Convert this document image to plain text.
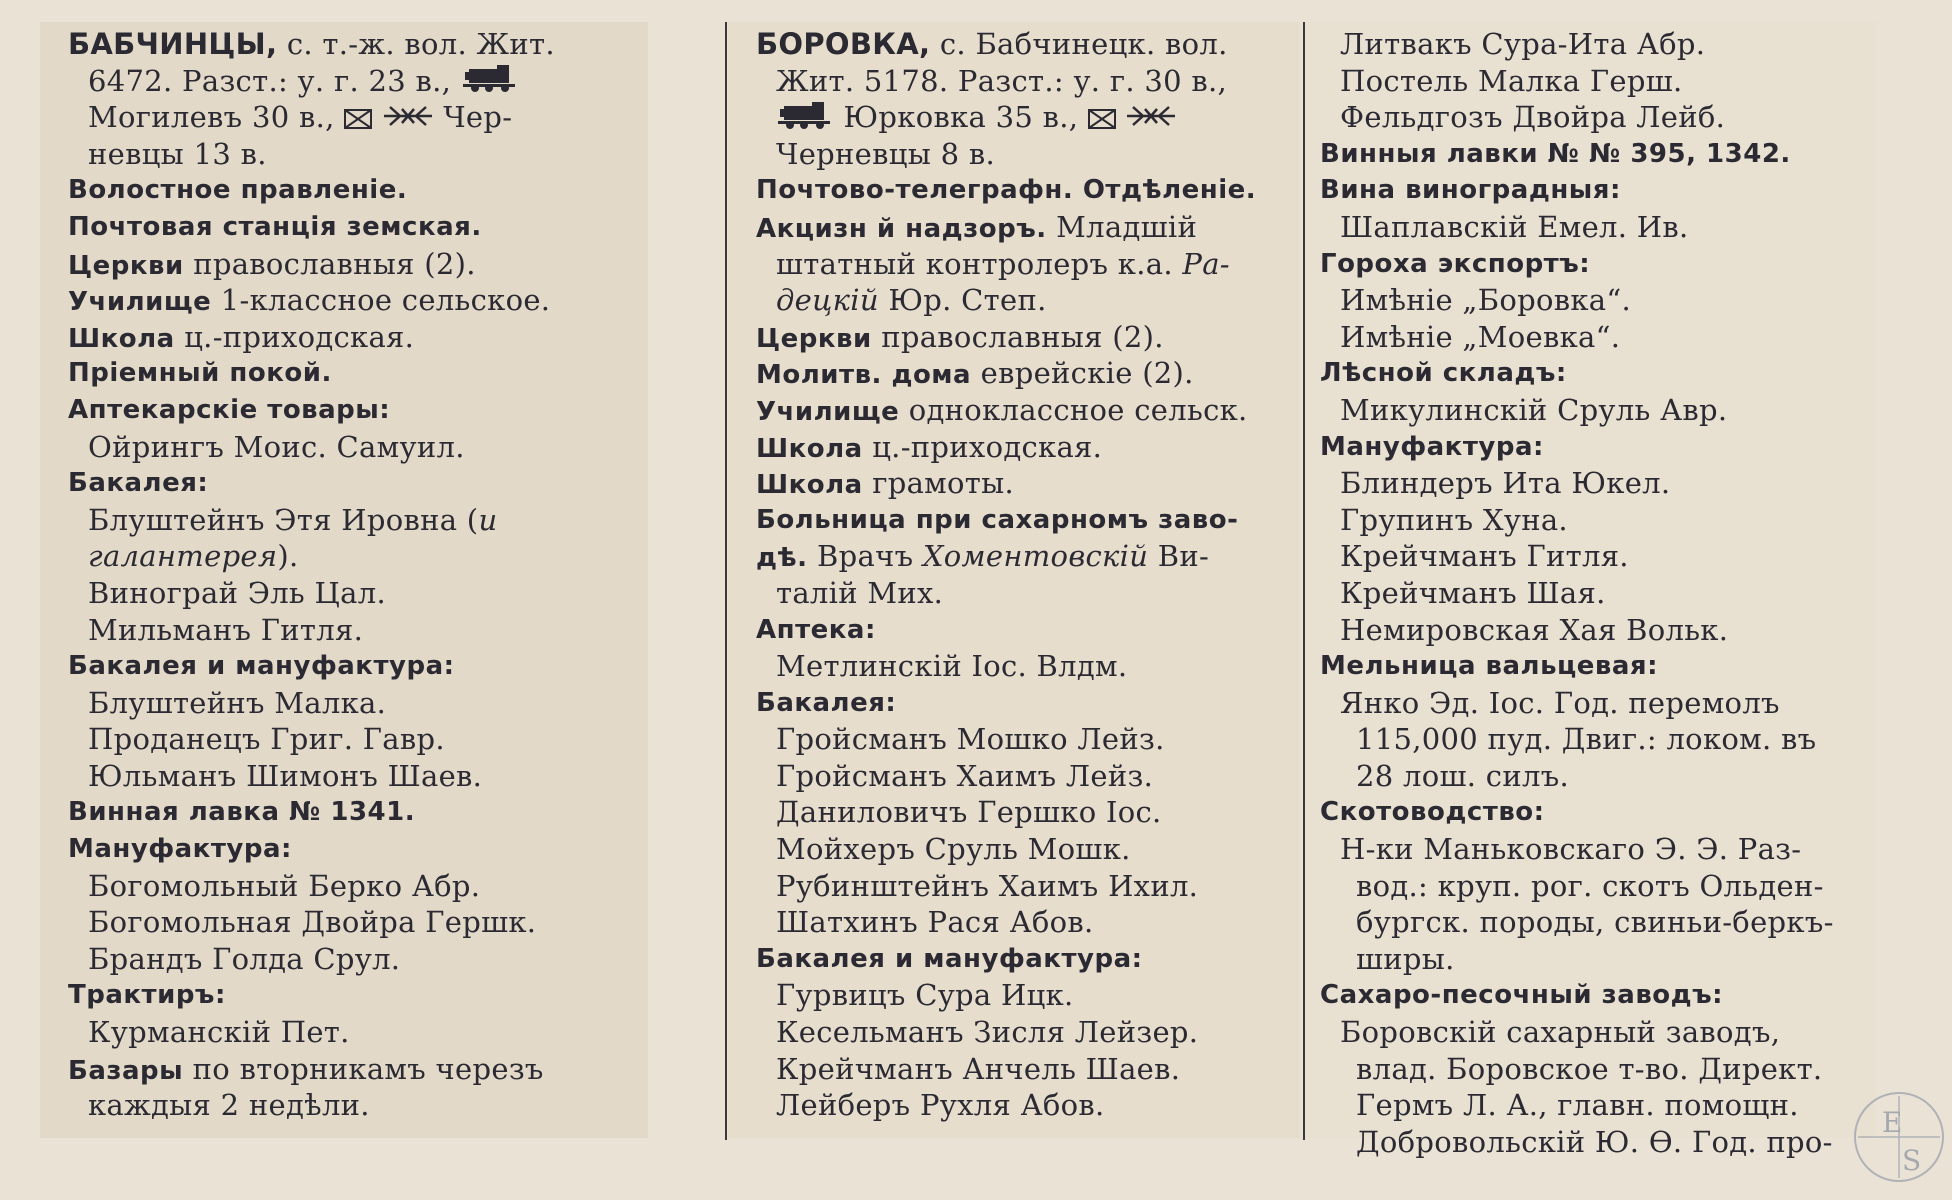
БАБЧИНЦЫ, с. т.-ж. вол. Жит.
6472. Разст.: у. г. 23 в.,
Могилевъ 30 в.,	Чер-
невцы 13 в.
Волостное правленіе.
Почтовая станція земская.
Церкви православныя (2).
Училище 1-классное сельское.
Школа ц.-приходская.
Пріемный покой.
Аптекарскіе товары:
Ойрингъ Моис. Самуил.
Бакалея:
Блуштейнъ Этя Ировна (и
галантерея).
Винограй Эль Цал.
Мильманъ Гитля.
Бакалея и мануфактура:
Блуштейнъ Малка.
Проданецъ Григ. Гавр.
Юльманъ Шимонъ Шаев.
Винная лавка № 1341.
Мануфактура:
Богомольный Берко Абр.
Богомольная Двойра Гершк.
Брандъ Голда Срул.
Трактиръ:
Курманскій Пет.
Базары по вторникамъ черезъ
каждыя 2 недѣли.
БОРОВКА, с. Бабчинецк. вол.
Жит. 5178. Разст.: у. г. 30 в.,
Юрковка 35 в.,
Черневцы 8 в.
Почтово-телеграфн. Отдѣленіе.
Акцизн й надзоръ. Младшій
штатный контролеръ к.а. Ра-
децкій Юр. Степ.
Церкви православныя (2).
Молитв. дома еврейскіе (2).
Училище одноклассное сельск.
Школа ц.-приходская.
Школа грамоты.
Больница при сахарномъ заво-
дѣ. Врачъ Хоментовскій Ви-
талій Мих.
Аптека:
Метлинскій Іос. Влдм.
Бакалея:
Гройсманъ Мошко Лейз.
Гройсманъ Хаимъ Лейз.
Даниловичъ Гершко Іос.
Мойхеръ Сруль Мошк.
Рубинштейнъ Хаимъ Ихил.
Шатхинъ Рася Абов.
Бакалея и мануфактура:
Гурвицъ Сура Ицк.
Кесельманъ Зисля Лейзер.
Крейчманъ Анчель Шаев.
Лейберъ Рухля Абов.
Литвакъ Сура-Ита Абр.
Постель Малка Герш.
Фельдгозъ Двойра Лейб.
Винныя лавки № № 395, 1342.
Вина виноградныя:
Шаплавскій Емел. Ив.
Гороха экспортъ:
Имѣніе „Боровка“.
Имѣніе „Моевка“.
Лѣсной складъ:
Микулинскій Сруль Авр.
Мануфактура:
Блиндеръ Ита Юкел.
Групинъ Хуна.
Крейчманъ Гитля.
Крейчманъ Шая.
Немировская Хая Вольк.
Мельница вальцевая:
Янко Эд. Іос. Год. перемолъ
115,000 пуд. Двиг.: локом. въ
28 лош. силъ.
Скотоводство:
Н-ки Маньковскаго Э. Э. Раз-
вод.: круп. рог. скотъ Ольден-
бургск. породы, свиньи-беркъ-
ширы.
Сахаро-песочный заводъ:
Боровскій сахарный заводъ,
влад. Боровское т-во. Директ.
Гермъ Л. А., главн. помощн.
Добровольскій Ю. Ѳ. Год. про-
E
S
